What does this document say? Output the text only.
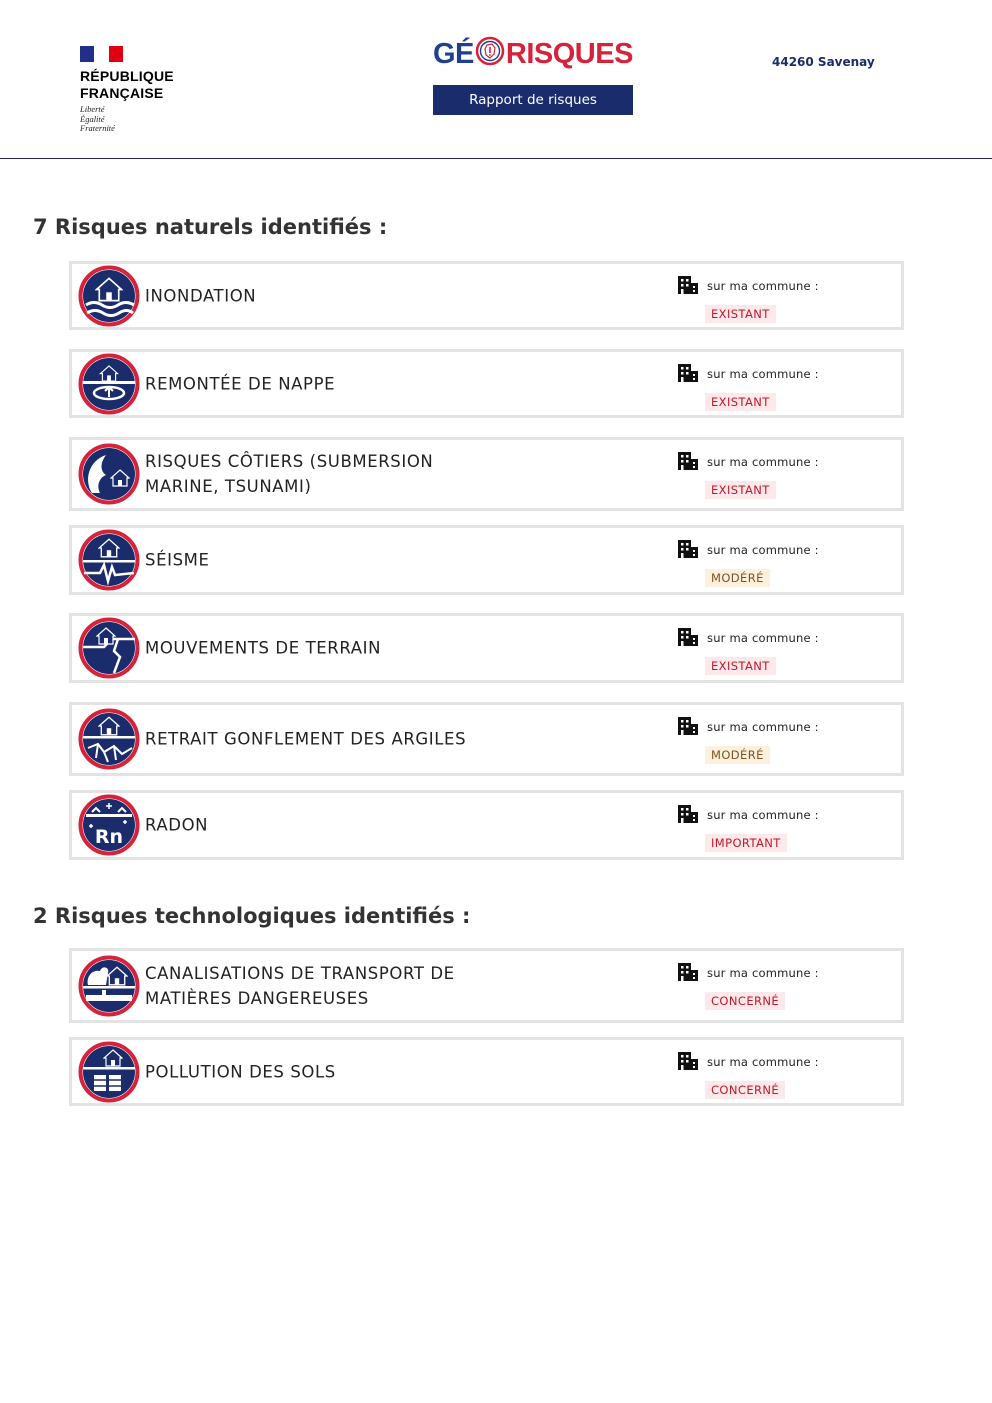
RÉPUBLIQUE
FRANÇAISE
Liberté
Égalité
Fraternité
GÉ RISQUES
Rapport de risques
44260 Savenay
7 Risques naturels identifiés :
INONDATION	sur ma commune :
EXISTANT
REMONTÉE DE NAPPE	sur ma commune :
EXISTANT
RISQUES CÔTIERS (SUBMERSION MARINE, TSUNAMI)
sur ma commune :
EXISTANT
SÉISME
sur ma commune :
MODÉRÉ
MOUVEMENTS DE TERRAIN
sur ma commune :
EXISTANT
RETRAIT GONFLEMENT DES ARGILES
sur ma commune :
MODÉRÉ
Rn
RADON
sur ma commune :
IMPORTANT
2 Risques technologiques identifiés :
CANALISATIONS DE TRANSPORT DE MATIÈRES DANGEREUSES
sur ma commune :
CONCERNÉ
POLLUTION DES SOLS	sur ma commune :
CONCERNÉ
